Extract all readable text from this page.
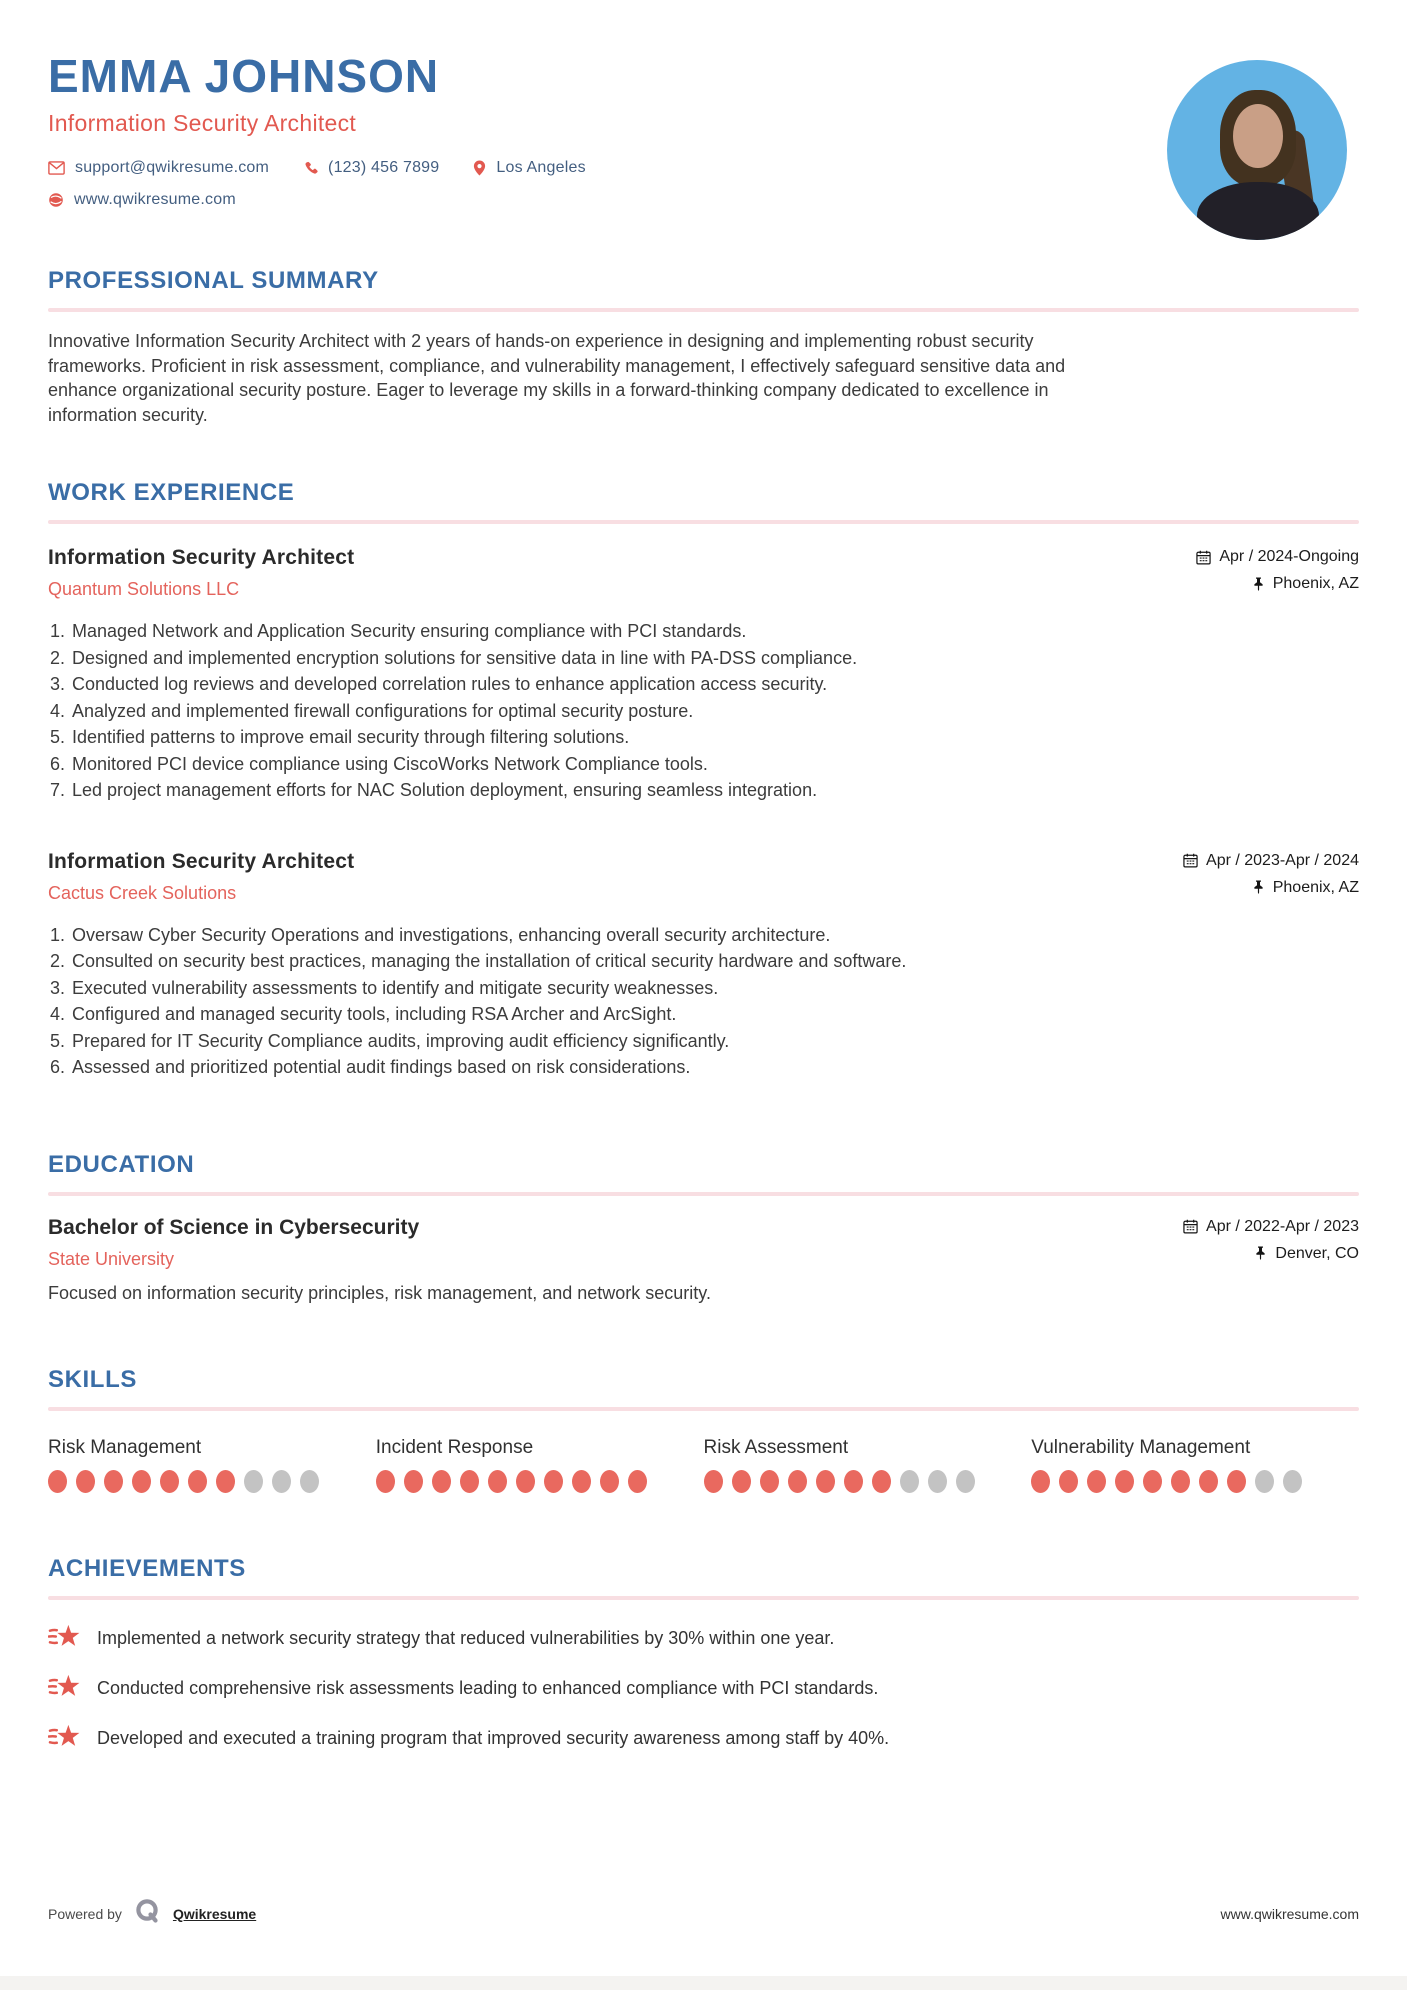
EMMA JOHNSON
Information Security Architect
support@qwikresume.com	(123) 456 7899	Los Angeles
www.qwikresume.com
PROFESSIONAL SUMMARY

Innovative Information Security Architect with 2 years of hands-on experience in designing and implementing robust security frameworks. Proficient in risk assessment, compliance, and vulnerability management, I effectively safeguard sensitive data and enhance organizational security posture. Eager to leverage my skills in a forward-thinking company dedicated to excellence in information security.

WORK EXPERIENCE
Information Security Architect
Quantum Solutions LLC
Apr / 2024-Ongoing
Phoenix, AZ
1. Managed Network and Application Security ensuring compliance with PCI standards.
2. Designed and implemented encryption solutions for sensitive data in line with PA-DSS compliance.
3. Conducted log reviews and developed correlation rules to enhance application access security.
4. Analyzed and implemented firewall configurations for optimal security posture.
5. Identified patterns to improve email security through filtering solutions.
6. Monitored PCI device compliance using CiscoWorks Network Compliance tools.
7. Led project management efforts for NAC Solution deployment, ensuring seamless integration.
Information Security Architect
Cactus Creek Solutions
Apr / 2023-Apr / 2024
Phoenix, AZ
1. Oversaw Cyber Security Operations and investigations, enhancing overall security architecture.
2. Consulted on security best practices, managing the installation of critical security hardware and software.
3. Executed vulnerability assessments to identify and mitigate security weaknesses.
4. Configured and managed security tools, including RSA Archer and ArcSight.
5. Prepared for IT Security Compliance audits, improving audit efficiency significantly.
6. Assessed and prioritized potential audit findings based on risk considerations.
EDUCATION
Bachelor of Science in Cybersecurity
State University
Apr / 2022-Apr / 2023
Denver, CO

Focused on information security principles, risk management, and network security.

SKILLS
Risk Management	Incident Response	Risk Assessment	Vulnerability Management
ACHIEVEMENTS
Implemented a network security strategy that reduced vulnerabilities by 30% within one year.
Conducted comprehensive risk assessments leading to enhanced compliance with PCI standards.
Developed and executed a training program that improved security awareness among staff by 40%.
Powered by	Qwikresume	www.qwikresume.com
